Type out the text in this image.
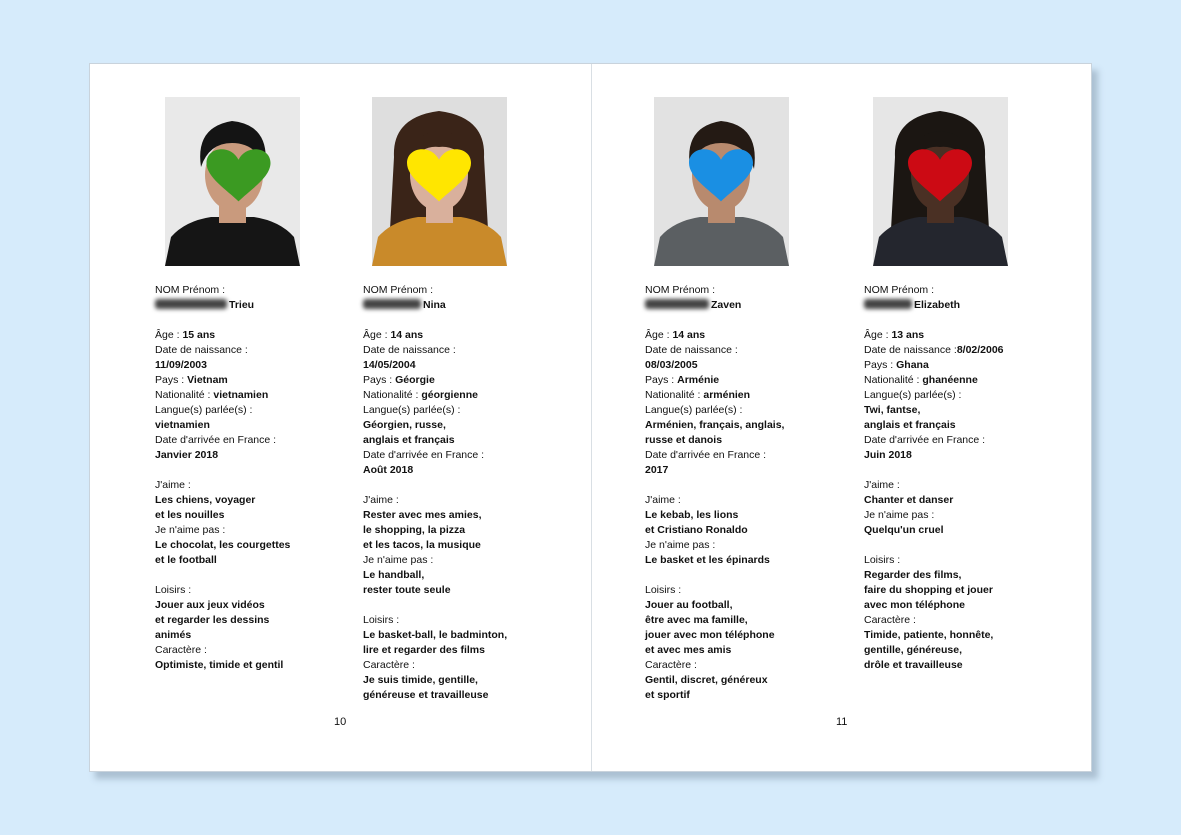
10	11

NOM Prénom :

Trieu

Âge : 15 ans

Date de naissance :

11/09/2003

Pays : Vietnam

Nationalité : vietnamien

Langue(s) parlée(s) :

vietnamien

Date d'arrivée en France :

Janvier 2018

J'aime :

Les chiens, voyager

et les nouilles

Je n'aime pas :

Le chocolat, les courgettes

et le football

Loisirs :

Jouer aux jeux vidéos

et regarder les dessins

animés

Caractère :

Optimiste, timide et gentil

NOM Prénom :

Nina

Âge : 14 ans

Date de naissance :

14/05/2004

Pays : Géorgie

Nationalité : géorgienne

Langue(s) parlée(s) :

Géorgien, russe,

anglais et français

Date d'arrivée en France :

Août 2018

J'aime :

Rester avec mes amies,

le shopping, la pizza

et les tacos, la musique

Je n'aime pas :

Le handball,

rester toute seule

Loisirs :

Le basket-ball, le badminton,

lire et regarder des films

Caractère :

Je suis timide, gentille,

généreuse et travailleuse

NOM Prénom :

Zaven

Âge : 14 ans

Date de naissance :

08/03/2005

Pays : Arménie

Nationalité : arménien

Langue(s) parlée(s) :

Arménien, français, anglais,

russe et danois

Date d'arrivée en France :

2017

J'aime :

Le kebab, les lions

et Cristiano Ronaldo

Je n'aime pas :

Le basket et les épinards

Loisirs :

Jouer au football,

être avec ma famille,

jouer avec mon téléphone

et avec mes amis

Caractère :

Gentil, discret, généreux

et sportif

NOM Prénom :

Elizabeth

Âge : 13 ans

Date de naissance :8/02/2006

Pays : Ghana

Nationalité : ghanéenne

Langue(s) parlée(s) :

Twi, fantse,

anglais et français

Date d'arrivée en France :

Juin 2018

J'aime :

Chanter et danser

Je n'aime pas :

Quelqu'un cruel

Loisirs :

Regarder des films,

faire du shopping et jouer

avec mon téléphone

Caractère :

Timide, patiente, honnête,

gentille, généreuse,

drôle et travailleuse
